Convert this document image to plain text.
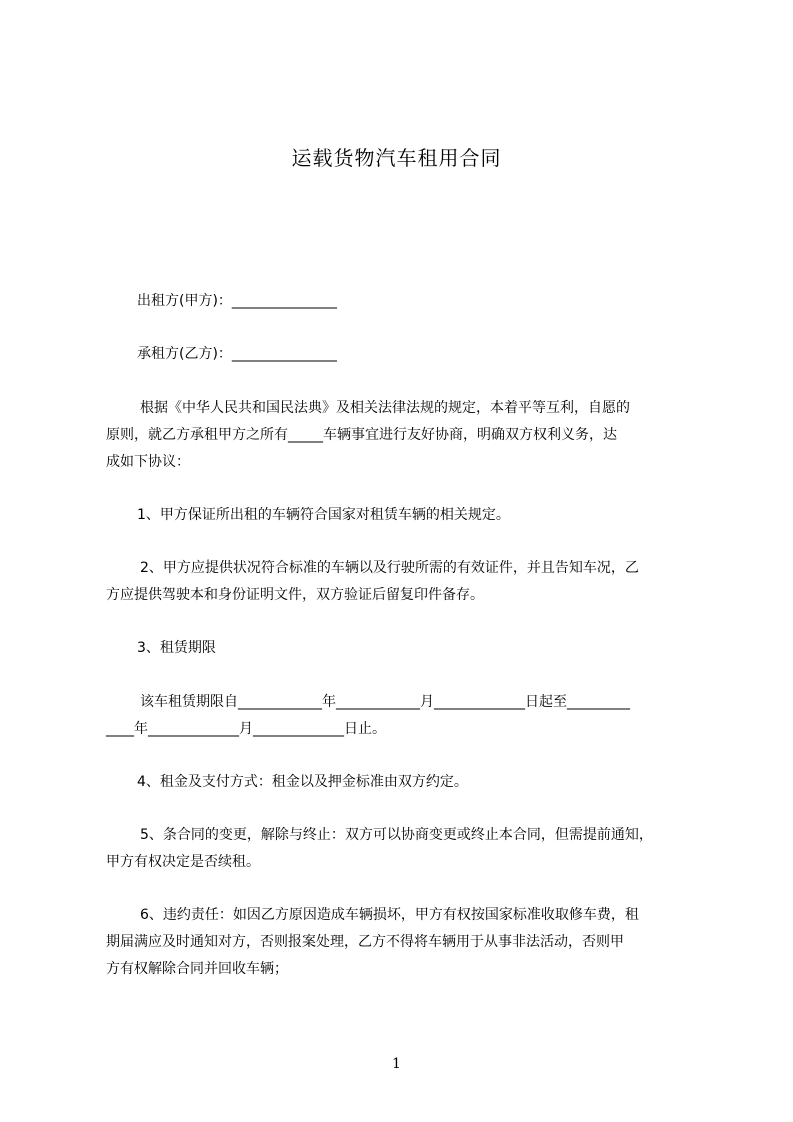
运载货物汽车租用合同
出租方(甲方)：_______________
承租方(乙方)：_______________
根据《中华人民共和国民法典》及相关法律法规的规定，本着平等互利，自愿的
原则，就乙方承租甲方之所有_____车辆事宜进行友好协商，明确双方权利义务，达
成如下协议：
1、甲方保证所出租的车辆符合国家对租赁车辆的相关规定。
2、甲方应提供状况符合标准的车辆以及行驶所需的有效证件，并且告知车况，乙
方应提供驾驶本和身份证明文件，双方验证后留复印件备存。
3、租赁期限
该车租赁期限自____________年____________月_____________日起至_________
____年_____________月_____________日止。
4、租金及支付方式：租金以及押金标准由双方约定。
5、条合同的变更，解除与终止：双方可以协商变更或终止本合同，但需提前通知，
甲方有权决定是否续租。
6、违约责任：如因乙方原因造成车辆损坏，甲方有权按国家标准收取修车费，租
期届满应及时通知对方，否则报案处理，乙方不得将车辆用于从事非法活动，否则甲
方有权解除合同并回收车辆；
1
